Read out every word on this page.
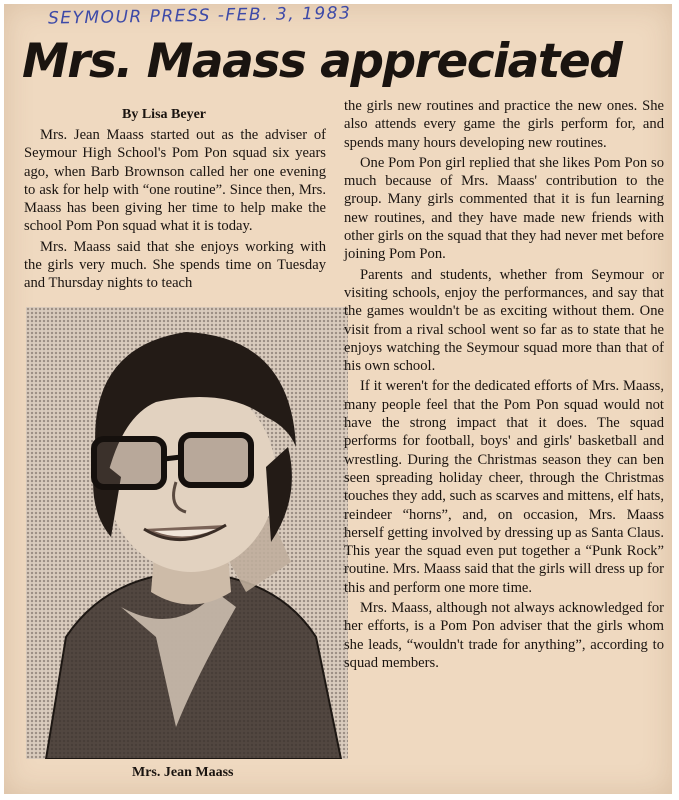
SEYMOUR PRESS -FEB. 3, 1983
Mrs. Maass appreciated
By Lisa Beyer

Mrs. Jean Maass started out as the adviser of Seymour High School's Pom Pon squad six years ago, when Barb Brownson called her one evening to ask for help with “one routine”. Since then, Mrs. Maass has been giving her time to help make the school Pom Pon squad what it is today.

Mrs. Maass said that she enjoys working with the girls very much. She spends time on Tuesday and Thursday nights to teach

Mrs. Jean Maass

the girls new routines and practice the new ones. She also attends every game the girls perform for, and spends many hours developing new routines.

One Pom Pon girl replied that she likes Pom Pon so much because of Mrs. Maass' contribution to the group. Many girls commented that it is fun learning new routines, and they have made new friends with other girls on the squad that they had never met before joining Pom Pon.

Parents and students, whether from Seymour or visiting schools, enjoy the performances, and say that the games wouldn't be as exciting without them. One visit from a rival school went so far as to state that he enjoys watching the Seymour squad more than that of his own school.

If it weren't for the dedicated efforts of Mrs. Maass, many people feel that the Pom Pon squad would not have the strong impact that it does. The squad performs for football, boys' and girls' basketball and wrestling. During the Christmas season they can ben seen spreading holiday cheer, through the Christmas touches they add, such as scarves and mittens, elf hats, reindeer “horns”, and, on occasion, Mrs. Maass herself getting involved by dressing up as Santa Claus. This year the squad even put together a “Punk Rock” routine. Mrs. Maass said that the girls will dress up for this and perform one more time.

Mrs. Maass, although not always acknowledged for her efforts, is a Pom Pon adviser that the girls whom she leads, “wouldn't trade for anything”, according to squad members.
